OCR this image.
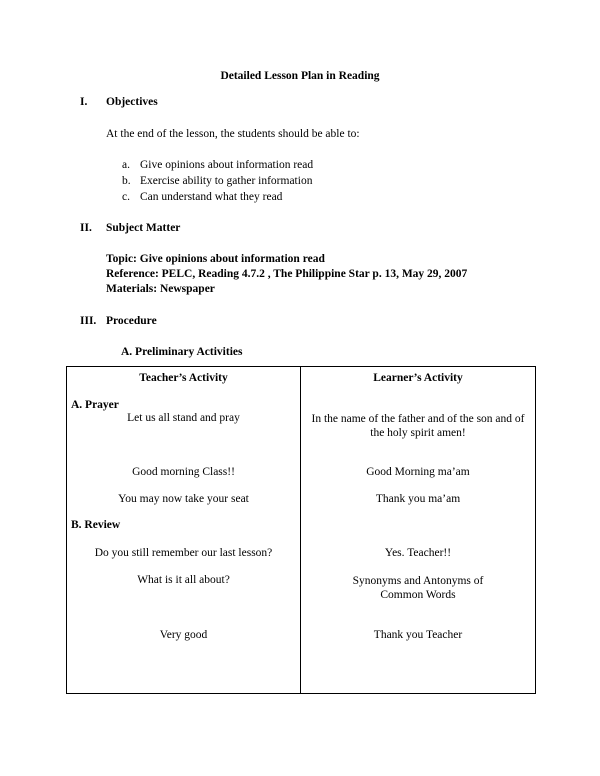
Detailed Lesson Plan in Reading
I.	Objectives
At the end of the lesson, the students should be able to:
a. Give opinions about information read
b. Exercise ability to gather information
c. Can understand what they read
II.	Subject Matter
Topic: Give opinions about information read
Reference: PELC, Reading 4.7.2 , The Philippine Star p. 13, May 29, 2007
Materials: Newspaper
III. Procedure
A. Preliminary Activities
Teacher’s Activity	Learner’s Activity
A. Prayer
Let us all stand and pray	In the name of the father and of the son and of
the holy spirit amen!
Good morning Class!!	Good Morning ma’am
You may now take your seat	Thank you ma’am
B. Review
Do you still remember our last lesson?	Yes. Teacher!!
What is it all about?	Synonyms and Antonyms of
Common Words
Very good	Thank you Teacher
